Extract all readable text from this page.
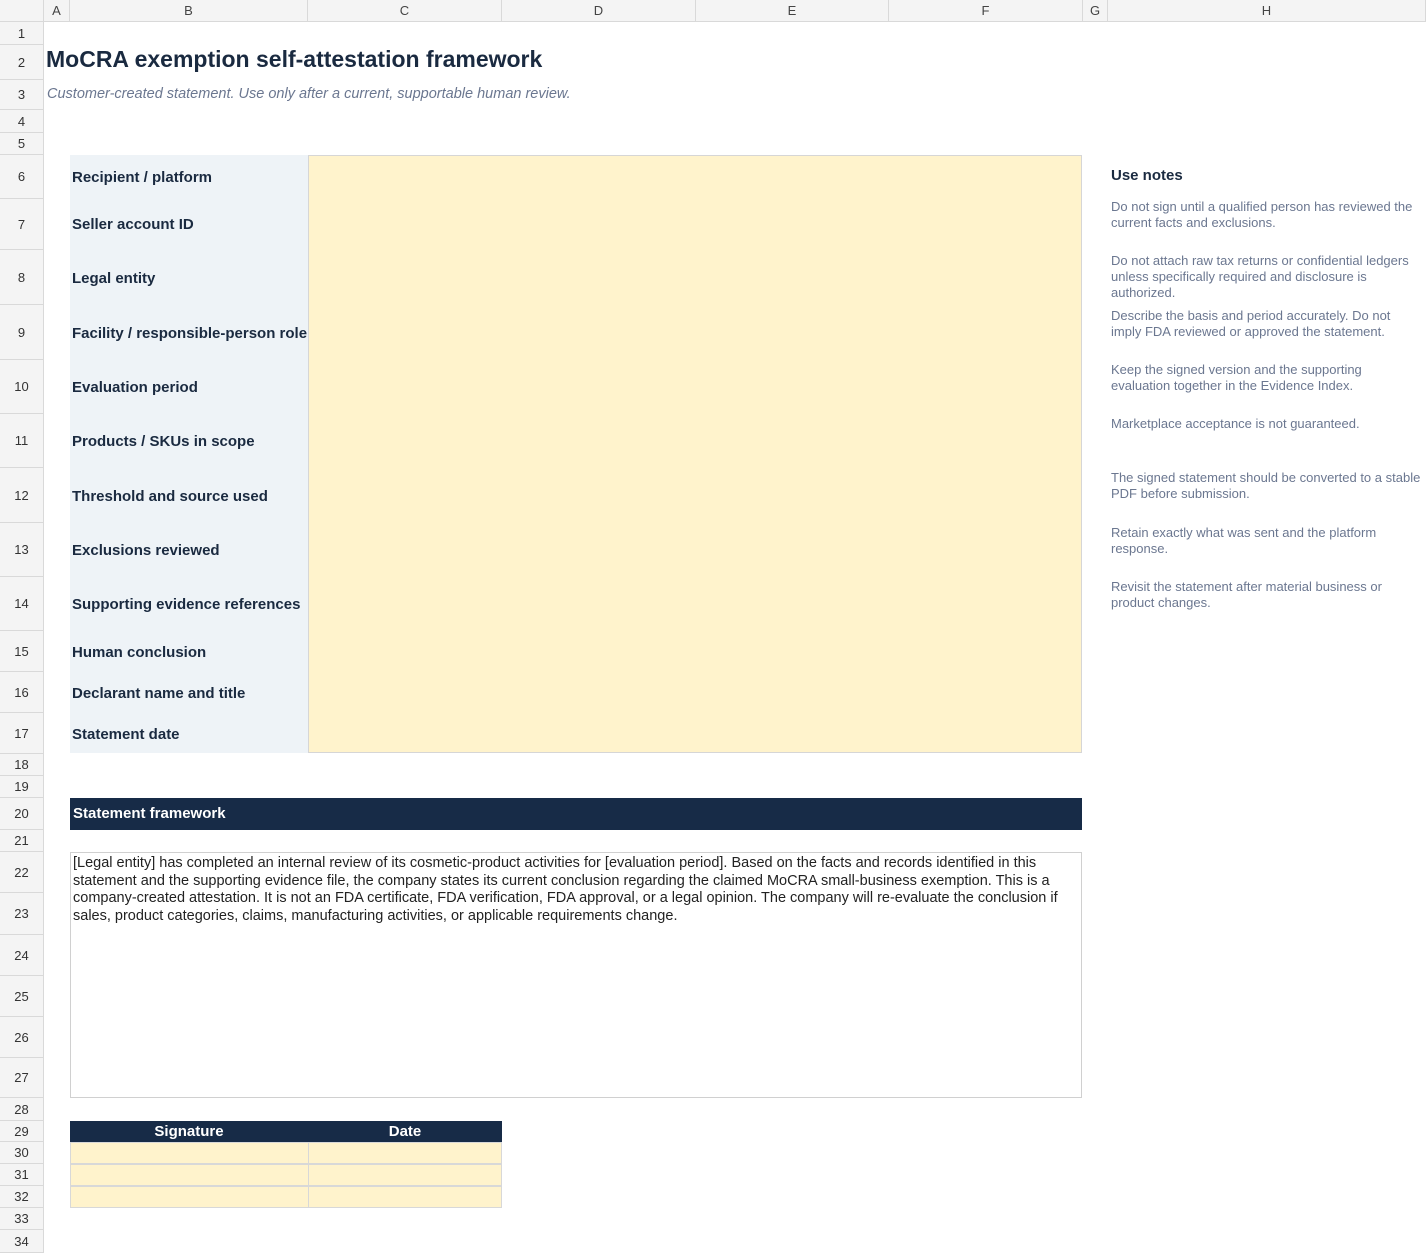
A	B	C	D	E	F	G	H
1
2
3
4
5
6
7
8
9
10
11
12
13
14
15
16
17
18
19
20
21
22
23
24
25
26
27
28
29
30
31
32
33
34
MoCRA exemption self-attestation framework
Customer-created statement. Use only after a current, supportable human review.
Recipient / platform
Seller account ID
Legal entity
Facility / responsible-person role
Evaluation period
Products / SKUs in scope
Threshold and source used
Exclusions reviewed
Supporting evidence references
Human conclusion
Declarant name and title
Statement date
Use notes
Do not sign until a qualified person has reviewed the current facts and exclusions.
Do not attach raw tax returns or confidential ledgers unless specifically required and disclosure is authorized.
Describe the basis and period accurately. Do not imply FDA reviewed or approved the statement.
Keep the signed version and the supporting evaluation together in the Evidence Index.
Marketplace acceptance is not guaranteed.
The signed statement should be converted to a stable PDF before submission.
Retain exactly what was sent and the platform response.
Revisit the statement after material business or product changes.
Statement framework
[Legal entity] has completed an internal review of its cosmetic-product activities for [evaluation period]. Based on the facts and records identified in this statement and the supporting evidence file, the company states its current conclusion regarding the claimed MoCRA small-business exemption. This is a company-created attestation. It is not an FDA certificate, FDA verification, FDA approval, or a legal opinion. The company will re-evaluate the conclusion if sales, product categories, claims, manufacturing activities, or applicable requirements change.
Signature	Date
